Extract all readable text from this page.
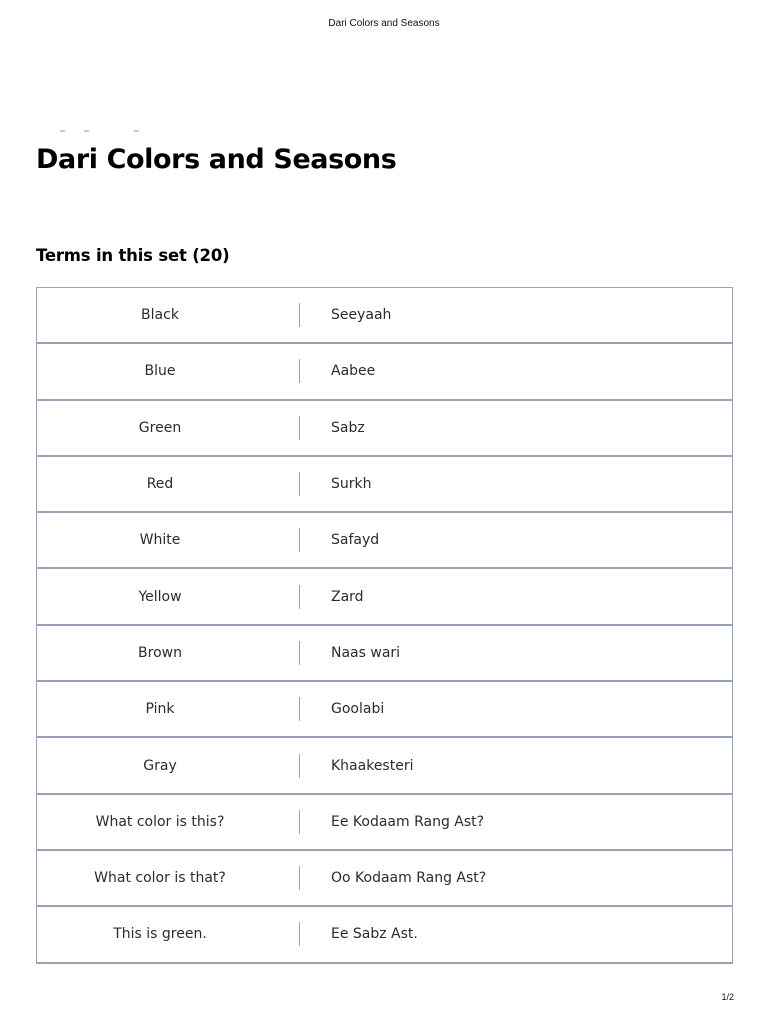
Dari Colors and Seasons
Dari Colors and Seasons
Terms in this set (20)
Black	Seeyaah
Blue	Aabee
Green	Sabz
Red	Surkh
White	Safayd
Yellow	Zard
Brown	Naas wari
Pink	Goolabi
Gray	Khaakesteri
What color is this?	Ee Kodaam Rang Ast?
What color is that?	Oo Kodaam Rang Ast?
This is green.	Ee Sabz Ast.
1/2
